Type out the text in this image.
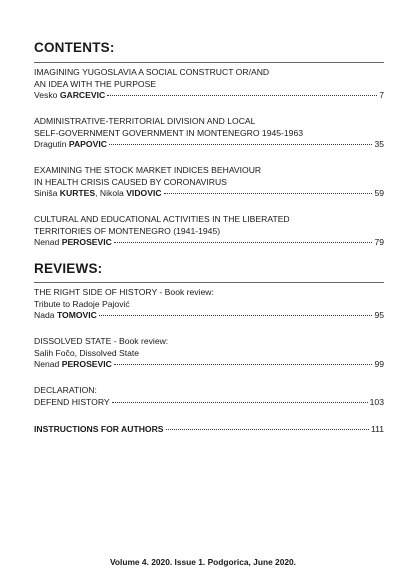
CONTENTS:
IMAGINING YUGOSLAVIA A SOCIAL CONSTRUCT OR/AND
AN IDEA WITH THE PURPOSE
Vesko GARCEVIC	7
ADMINISTRATIVE-TERRITORIAL DIVISION AND LOCAL
SELF-GOVERNMENT GOVERNMENT IN MONTENEGRO 1945-1963
Dragutin PAPOVIC	35
EXAMINING THE STOCK MARKET INDICES BEHAVIOUR
IN HEALTH CRISIS CAUSED BY CORONAVIRUS
Siniša KURTES, Nikola VIDOVIC	59
CULTURAL AND EDUCATIONAL ACTIVITIES IN THE LIBERATED
TERRITORIES OF MONTENEGRO (1941-1945)
Nenad PEROSEVIC	79
REVIEWS:
THE RIGHT SIDE OF HISTORY - Book review:
Tribute to Radoje Pajović
Nada TOMOVIC	95
DISSOLVED STATE - Book review:
Salih Fočo, Dissolved State
Nenad PEROSEVIC	99
DECLARATION:
DEFEND HISTORY	103
INSTRUCTIONS FOR AUTHORS	111
Volume 4. 2020. Issue 1. Podgorica, June 2020.
